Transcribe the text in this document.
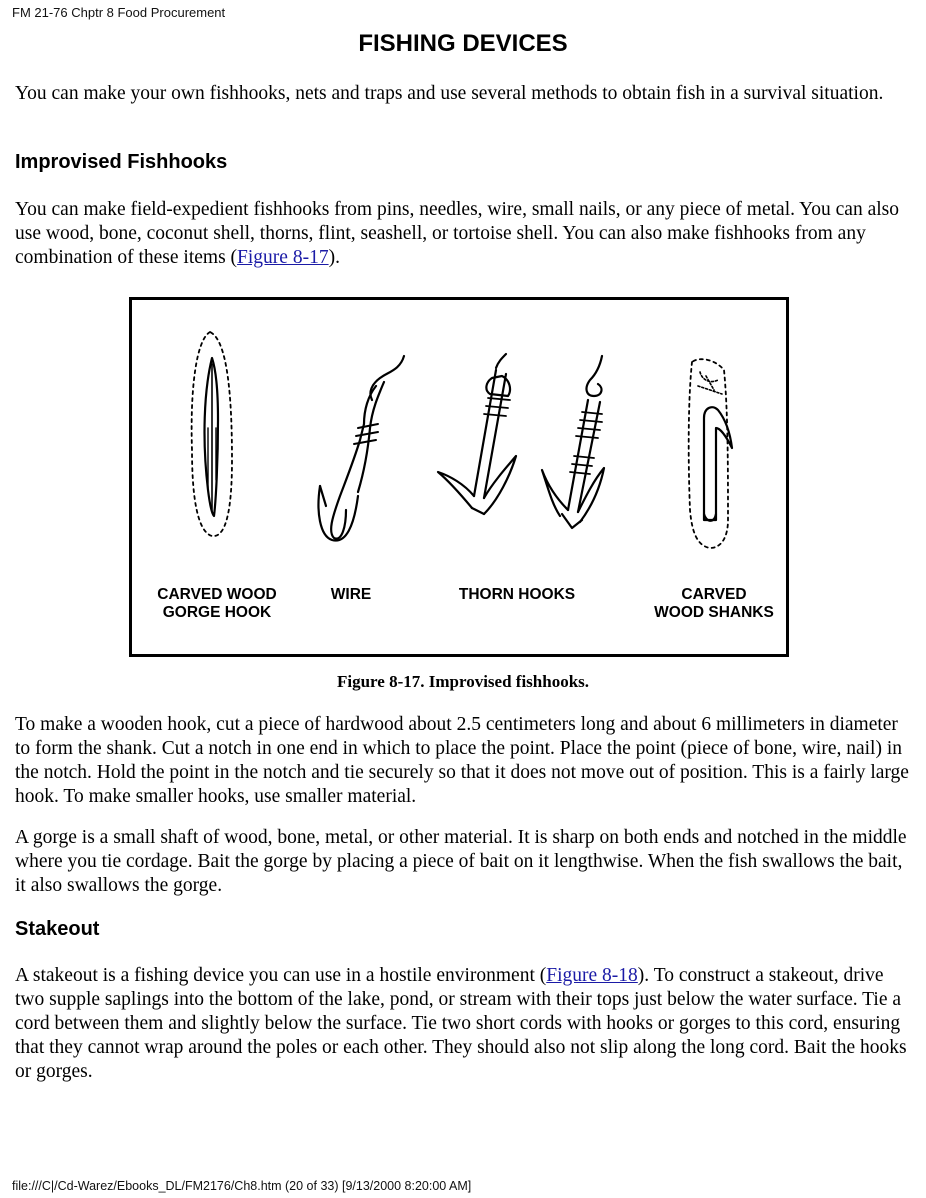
FM 21-76 Chptr 8 Food Procurement
FISHING DEVICES

You can make your own fishhooks, nets and traps and use several methods to obtain fish in a survival situation.

Improvised Fishhooks

You can make field-expedient fishhooks from pins, needles, wire, small nails, or any piece of metal. You can also use wood, bone, coconut shell, thorns, flint, seashell, or tortoise shell. You can also make fishhooks from any combination of these items (Figure 8-17).

CARVED WOOD
GORGE HOOK
WIRE	THORN HOOKS	CARVED
WOOD SHANKS
Figure 8-17. Improvised fishhooks.

To make a wooden hook, cut a piece of hardwood about 2.5 centimeters long and about 6 millimeters in diameter to form the shank. Cut a notch in one end in which to place the point. Place the point (piece of bone, wire, nail) in the notch. Hold the point in the notch and tie securely so that it does not move out of position. This is a fairly large hook. To make smaller hooks, use smaller material.

A gorge is a small shaft of wood, bone, metal, or other material. It is sharp on both ends and notched in the middle where you tie cordage. Bait the gorge by placing a piece of bait on it lengthwise. When the fish swallows the bait, it also swallows the gorge.

Stakeout

A stakeout is a fishing device you can use in a hostile environment (Figure 8-18). To construct a stakeout, drive two supple saplings into the bottom of the lake, pond, or stream with their tops just below the water surface. Tie a cord between them and slightly below the surface. Tie two short cords with hooks or gorges to this cord, ensuring that they cannot wrap around the poles or each other. They should also not slip along the long cord. Bait the hooks or gorges.

file:///C|/Cd-Warez/Ebooks_DL/FM2176/Ch8.htm (20 of 33) [9/13/2000 8:20:00 AM]
